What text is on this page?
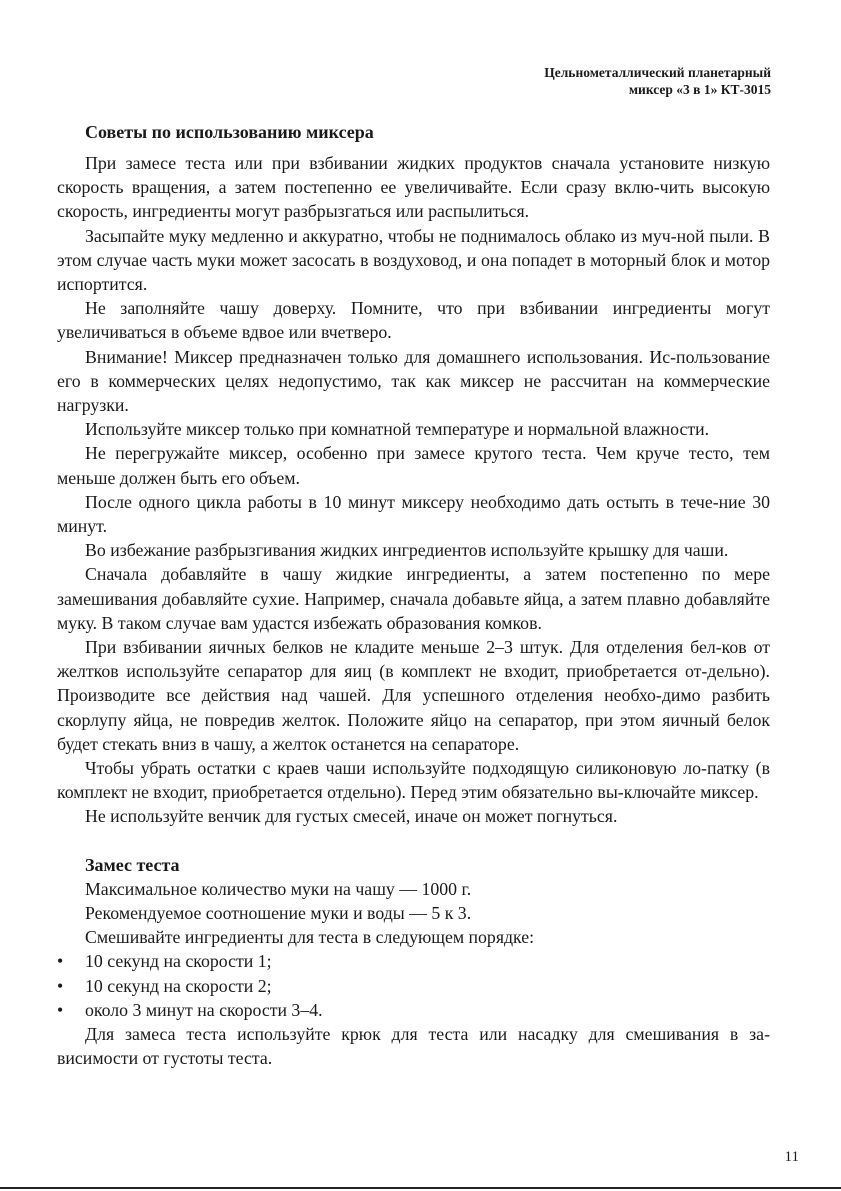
Цельнометаллический планетарный
миксер «3 в 1» КТ-3015
Советы по использованию миксера

При замесе теста или при взбивании жидких продуктов сначала установите низкую скорость вращения, а затем постепенно ее увеличивайте. Если сразу вклю-чить высокую скорость, ингредиенты могут разбрызгаться или распылиться.

Засыпайте муку медленно и аккуратно, чтобы не поднималось облако из муч-ной пыли. В этом случае часть муки может засосать в воздуховод, и она попадет в моторный блок и мотор испортится.

Не заполняйте чашу доверху. Помните, что при взбивании ингредиенты могут увеличиваться в объеме вдвое или вчетверо.

Внимание! Миксер предназначен только для домашнего использования. Ис-пользование его в коммерческих целях недопустимо, так как миксер не рассчитан на коммерческие нагрузки.

Используйте миксер только при комнатной температуре и нормальной влажности.

Не перегружайте миксер, особенно при замесе крутого теста. Чем круче тесто, тем меньше должен быть его объем.

После одного цикла работы в 10 минут миксеру необходимо дать остыть в тече-ние 30 минут.

Во избежание разбрызгивания жидких ингредиентов используйте крышку для чаши.

Сначала добавляйте в чашу жидкие ингредиенты, а затем постепенно по мере замешивания добавляйте сухие. Например, сначала добавьте яйца, а затем плавно добавляйте муку. В таком случае вам удастся избежать образования комков.

При взбивании яичных белков не кладите меньше 2–3 штук. Для отделения бел-ков от желтков используйте сепаратор для яиц (в комплект не входит, приобретается от-дельно). Производите все действия над чашей. Для успешного отделения необхо-димо разбить скорлупу яйца, не повредив желток. Положите яйцо на сепаратор, при этом яичный белок будет стекать вниз в чашу, а желток останется на сепараторе.

Чтобы убрать остатки с краев чаши используйте подходящую силиконовую ло-патку (в комплект не входит, приобретается отдельно). Перед этим обязательно вы-ключайте миксер.

Не используйте венчик для густых смесей, иначе он может погнуться.

Замес теста

Максимальное количество муки на чашу — 1000 г.

Рекомендуемое соотношение муки и воды — 5 к 3.

Смешивайте ингредиенты для теста в следующем порядке:

• 10 секунд на скорости 1;
• 10 секунд на скорости 2;
• около 3 минут на скорости 3–4.

Для замеса теста используйте крюк для теста или насадку для смешивания в за-висимости от густоты теста.

11
